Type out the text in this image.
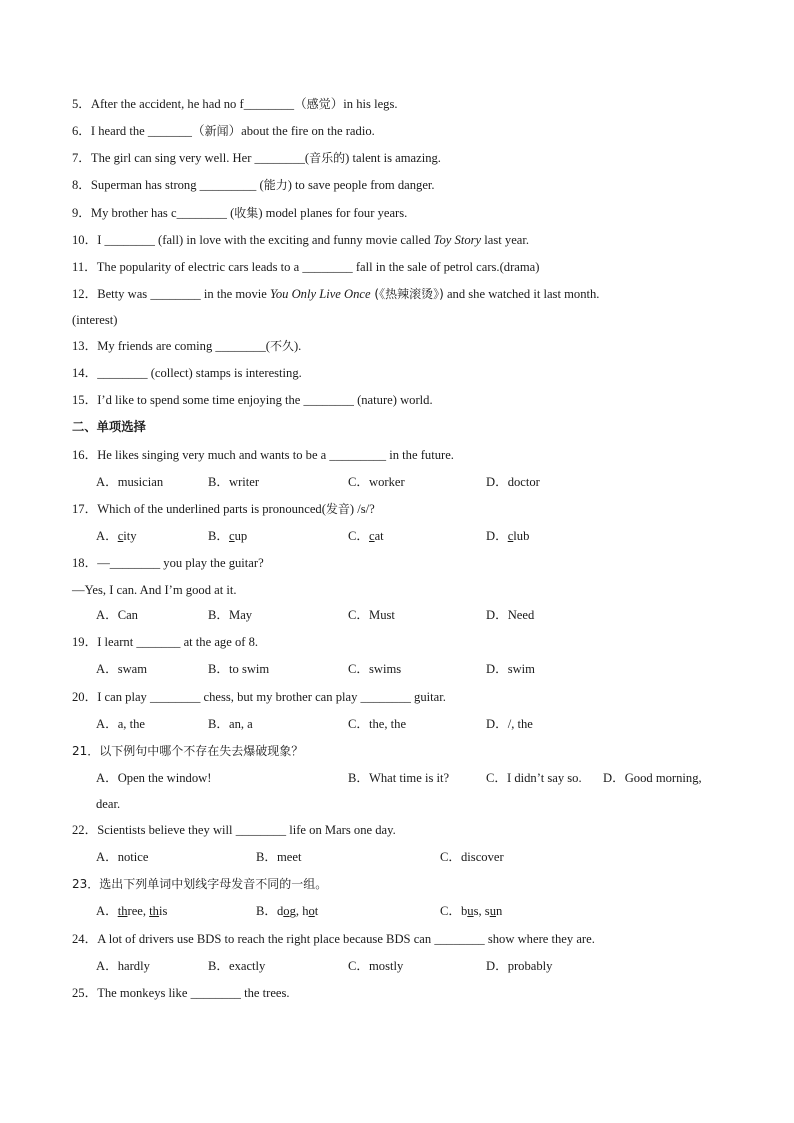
5．After the accident, he had no f________（感觉）in his legs.
6．I heard the _______（新闻）about the fire on the radio.
7．The girl can sing very well. Her ________(音乐的) talent is amazing.
8．Superman has strong _________ (能力) to save people from danger.
9．My brother has c________ (收集) model planes for four years.
10．I ________ (fall) in love with the exciting and funny movie called Toy Story last year.
11．The popularity of electric cars leads to a ________ fall in the sale of petrol cars.(drama)
12．Betty was ________ in the movie You Only Live Once (《热辣滚烫》) and she watched it last month.
(interest)
13．My friends are coming ________(不久).
14．________ (collect) stamps is interesting.
15．I’d like to spend some time enjoying the ________ (nature) world.
二、单项选择
16．He likes singing very much and wants to be a _________ in the future.
A．musician	B．writer	C．worker	D．doctor
17．Which of the underlined parts is pronounced(发音) /s/?
A．city	B．cup	C．cat	D．club
18．—________ you play the guitar?
—Yes, I can. And I’m good at it.
A．Can	B．May	C．Must	D．Need
19．I learnt _______ at the age of 8.
A．swam	B．to swim	C．swims	D．swim
20．I can play ________ chess, but my brother can play ________ guitar.
A．a, the	B．an, a	C．the, the	D．/, the
21．以下例句中哪个不存在失去爆破现象？
A．Open the window!	B．What time is it?	C．I didn’t say so. D．Good morning,
dear.
22．Scientists believe they will ________ life on Mars one day.
A．notice	B．meet	C．discover
23．选出下列单词中划线字母发音不同的一组。
A．three, this	B．dog, hot	C．bus, sun
24．A lot of drivers use BDS to reach the right place because BDS can ________ show where they are.
A．hardly	B．exactly	C．mostly	D．probably
25．The monkeys like ________ the trees.
